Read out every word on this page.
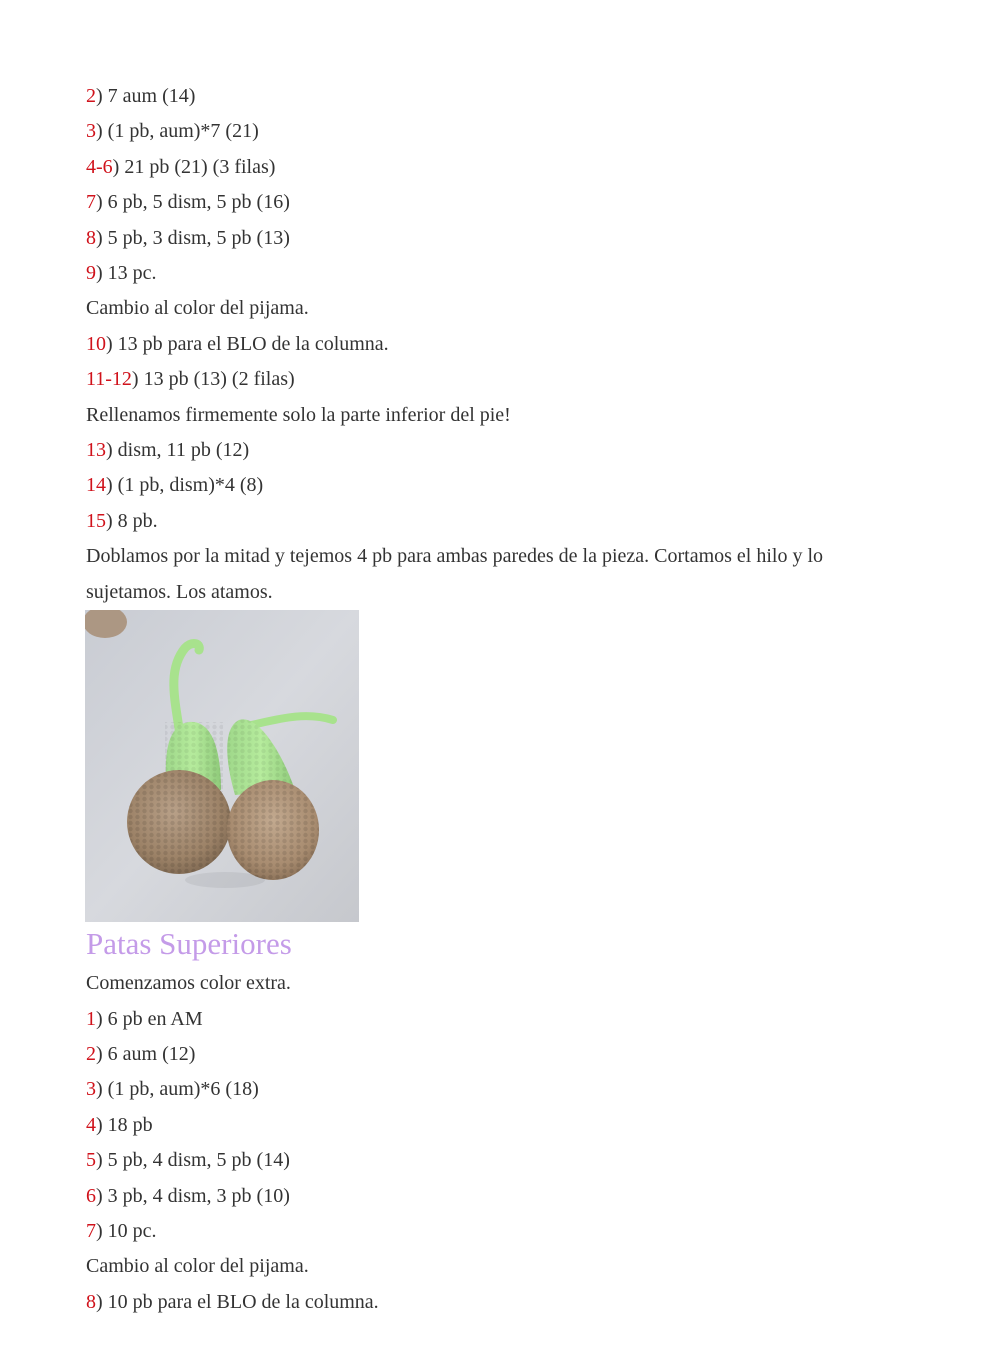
2) 7 aum (14)

3) (1 pb, aum)*7 (21)

4-6) 21 pb (21) (3 filas)

7) 6 pb, 5 dism, 5 pb (16)

8) 5 pb, 3 dism, 5 pb (13)

9) 13 pc.

Cambio al color del pijama.

10) 13 pb para el BLO de la columna.

11-12) 13 pb (13) (2 filas)

Rellenamos firmemente solo la parte inferior del pie!

13) dism, 11 pb (12)

14) (1 pb, dism)*4 (8)

15) 8 pb.

Doblamos por la mitad y tejemos 4 pb para ambas paredes de la pieza. Cortamos el hilo y lo sujetamos. Los atamos.

Patas Superiores

Comenzamos color extra.

1) 6 pb en AM

2) 6 aum (12)

3) (1 pb, aum)*6 (18)

4) 18 pb

5) 5 pb, 4 dism, 5 pb (14)

6) 3 pb, 4 dism, 3 pb (10)

7) 10 pc.

Cambio al color del pijama.

8) 10 pb para el BLO de la columna.
